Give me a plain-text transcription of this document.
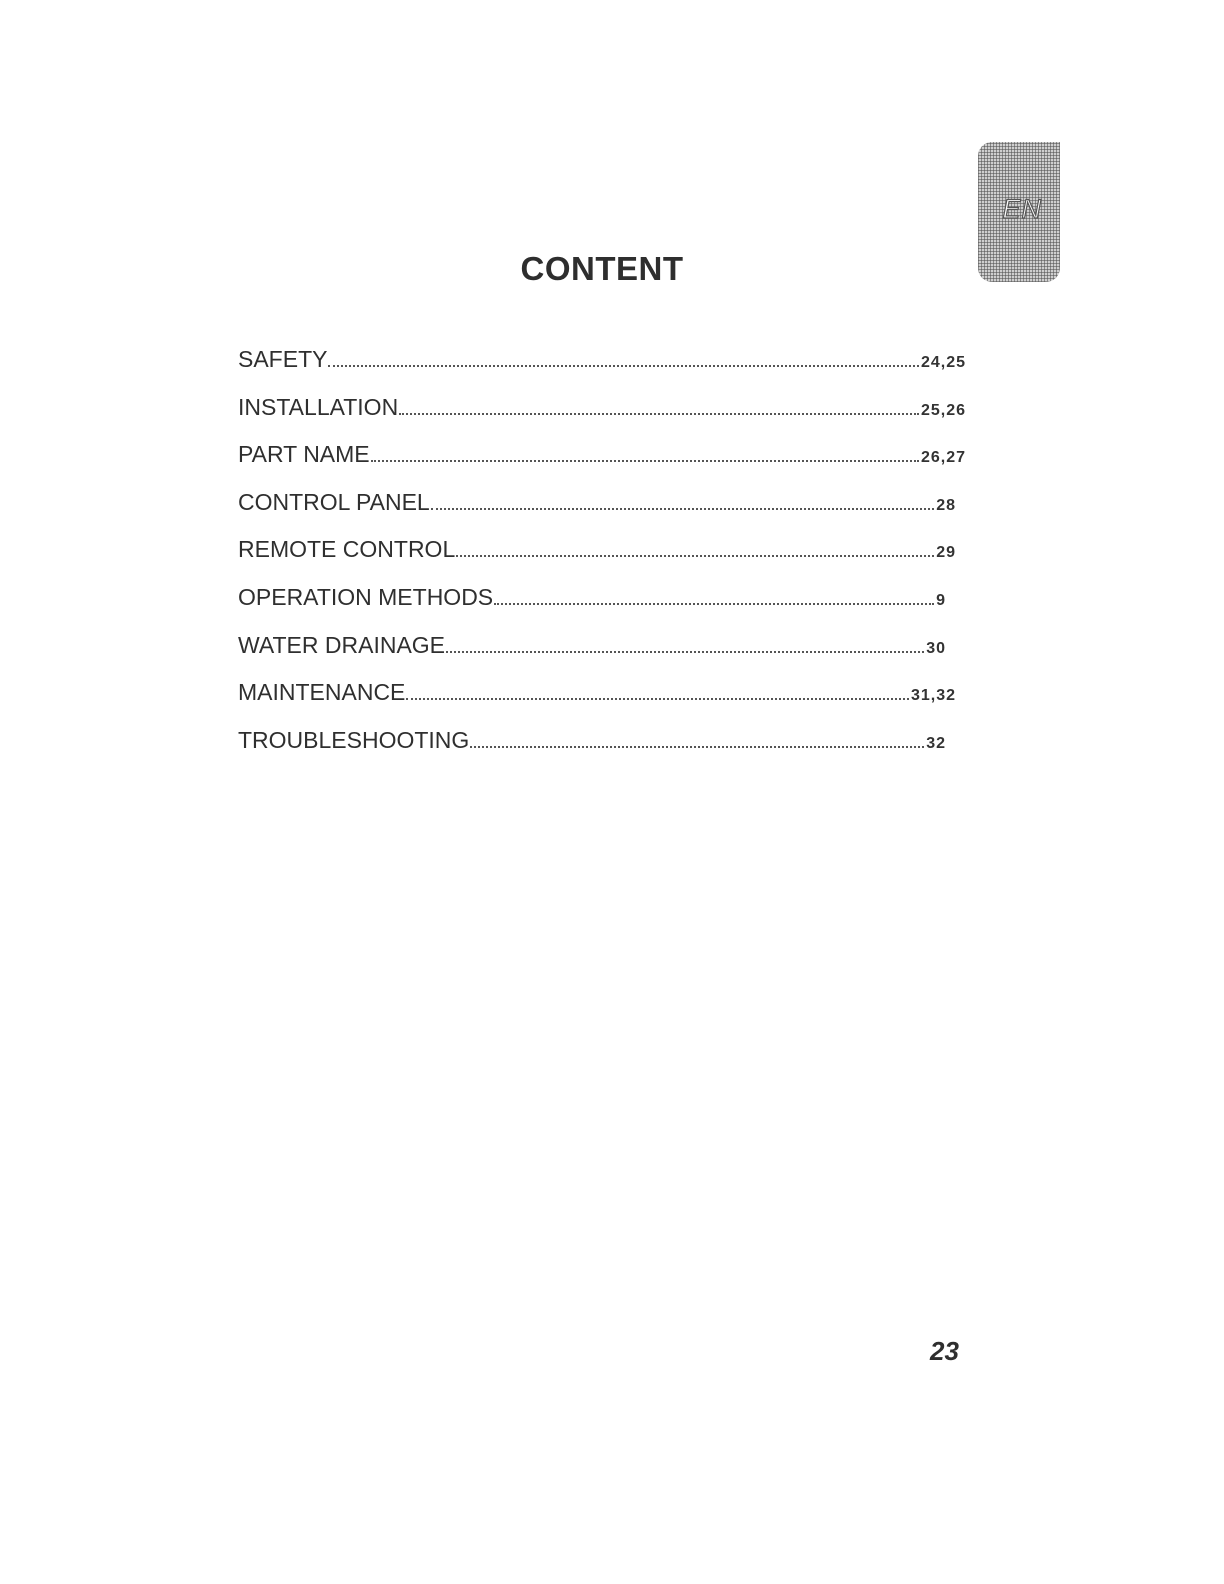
EN
CONTENT
SAFETY	24,25
INSTALLATION	25,26
PART NAME	26,27
CONTROL PANEL	28
REMOTE CONTROL	29
OPERATION METHODS	9
WATER DRAINAGE	30
MAINTENANCE	31,32
TROUBLESHOOTING	32
23
